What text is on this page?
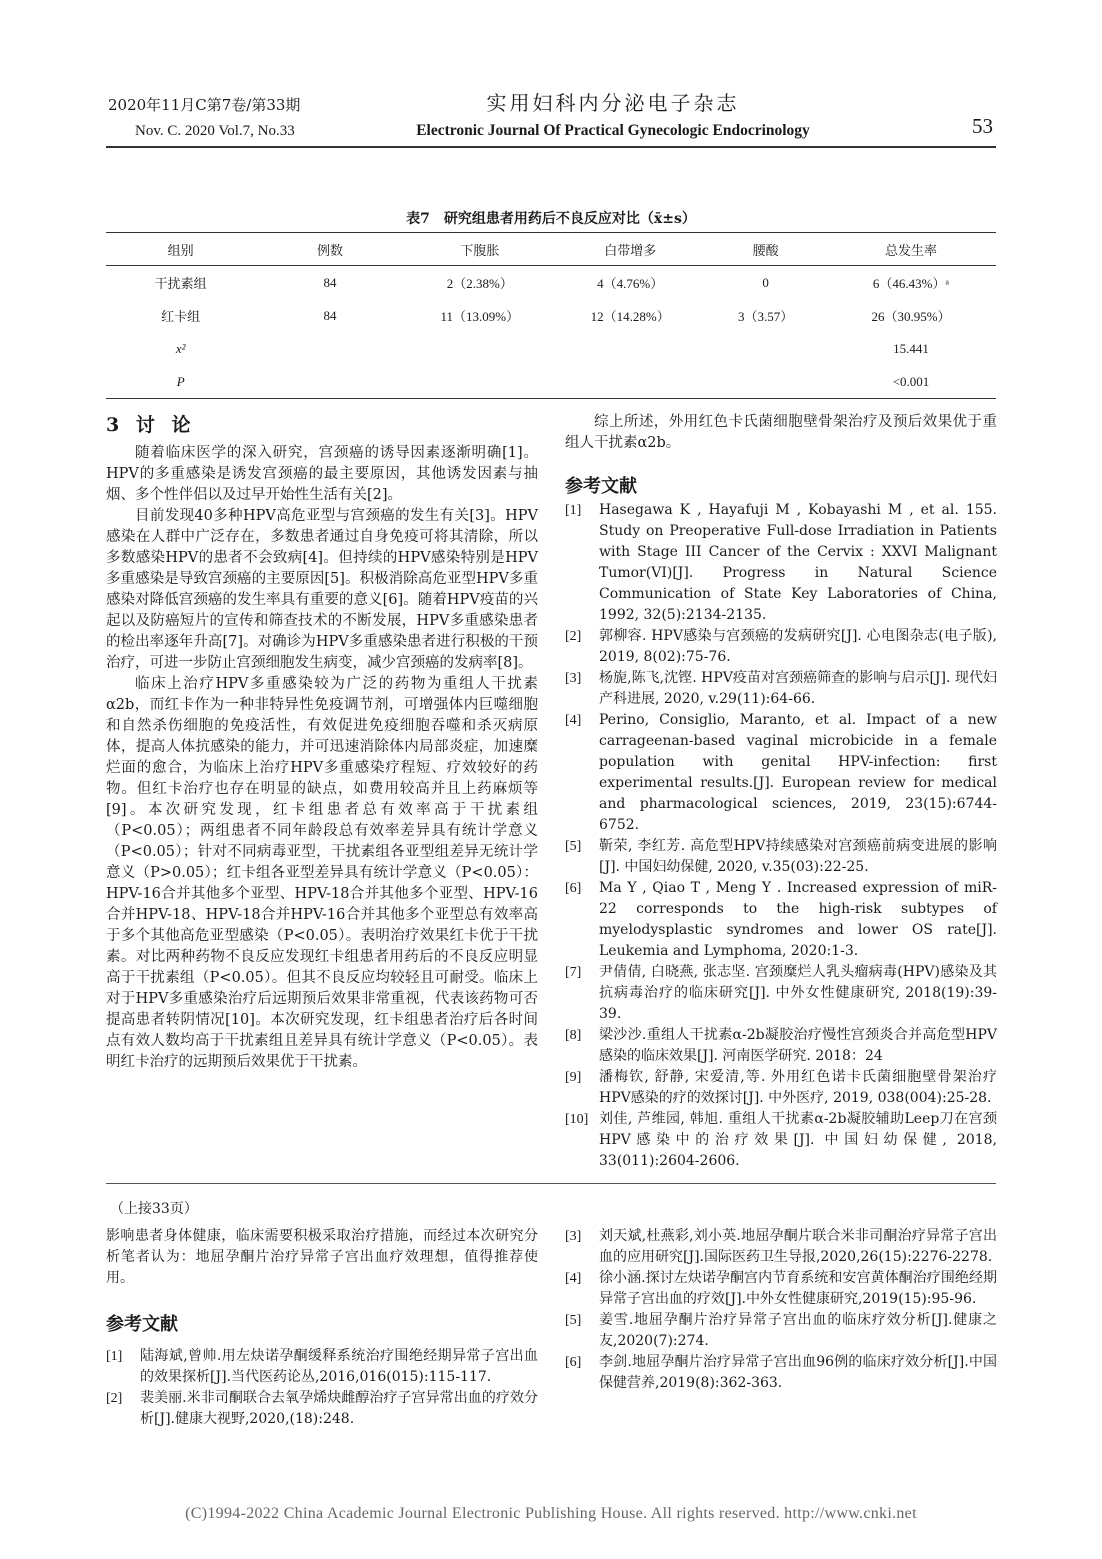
2020年11月C第7卷/第33期
Nov. C. 2020 Vol.7, No.33
实用妇科内分泌电子杂志
Electronic Journal Of Practical Gynecologic Endocrinology	53
表7　研究组患者用药后不良反应对比（x̄±s）
组别	例数	下腹胀	白带增多	腰酸	总发生率
干扰素组	84	2（2.38%）	4（4.76%）	0	6（46.43%）ᵃ
红卡组	84	11（13.09%）	12（14.28%）	3（3.57）	26（30.95%）
x²					15.441
P					<0.001
3 讨 论

随着临床医学的深入研究，宫颈癌的诱导因素逐渐明确[1]。HPV的多重感染是诱发宫颈癌的最主要原因，其他诱发因素与抽烟、多个性伴侣以及过早开始性生活有关[2]。

目前发现40多种HPV高危亚型与宫颈癌的发生有关[3]。HPV感染在人群中广泛存在，多数患者通过自身免疫可将其清除，所以多数感染HPV的患者不会致病[4]。但持续的HPV感染特别是HPV多重感染是导致宫颈癌的主要原因[5]。积极消除高危亚型HPV多重感染对降低宫颈癌的发生率具有重要的意义[6]。随着HPV疫苗的兴起以及防癌短片的宣传和筛查技术的不断发展，HPV多重感染患者的检出率逐年升高[7]。对确诊为HPV多重感染患者进行积极的干预治疗，可进一步防止宫颈细胞发生病变，减少宫颈癌的发病率[8]。

临床上治疗HPV多重感染较为广泛的药物为重组人干扰素α2b，而红卡作为一种非特异性免疫调节剂，可增强体内巨噬细胞和自然杀伤细胞的免疫活性，有效促进免疫细胞吞噬和杀灭病原体，提高人体抗感染的能力，并可迅速消除体内局部炎症，加速糜烂面的愈合，为临床上治疗HPV多重感染疗程短、疗效较好的药物。但红卡治疗也存在明显的缺点，如费用较高并且上药麻烦等[9]。本次研究发现，红卡组患者总有效率高于干扰素组（P<0.05）；两组患者不同年龄段总有效率差异具有统计学意义（P<0.05）；针对不同病毒亚型，干扰素组各亚型组差异无统计学意义（P>0.05）；红卡组各亚型差异具有统计学意义（P<0.05）：HPV-16合并其他多个亚型、HPV-18合并其他多个亚型、HPV-16合并HPV-18、HPV-18合并HPV-16合并其他多个亚型总有效率高于多个其他高危亚型感染（P<0.05）。表明治疗效果红卡优于干扰素。对比两种药物不良反应发现红卡组患者用药后的不良反应明显高于干扰素组（P<0.05）。但其不良反应均较轻且可耐受。临床上对于HPV多重感染治疗后远期预后效果非常重视，代表该药物可否提高患者转阴情况[10]。本次研究发现，红卡组患者治疗后各时间点有效人数均高于干扰素组且差异具有统计学意义（P<0.05）。表明红卡治疗的远期预后效果优于干扰素。

综上所述，外用红色卡氏菌细胞壁骨架治疗及预后效果优于重组人干扰素α2b。

参考文献
[1]	Hasegawa K , Hayafuji M , Kobayashi M , et al. 155. Study on Preoperative Full-dose Irradiation in Patients with Stage III Cancer of the Cervix : XXVI Malignant Tumor(VI)[J]. Progress in Natural Science Communication of State Key Laboratories of China, 1992, 32(5):2134-2135.
[2]	郭柳容. HPV感染与宫颈癌的发病研究[J]. 心电图杂志(电子版), 2019, 8(02):75-76.
[3]	杨旎,陈飞,沈铿. HPV疫苗对宫颈癌筛查的影响与启示[J]. 现代妇产科进展, 2020, v.29(11):64-66.
[4]	Perino, Consiglio, Maranto, et al. Impact of a new carrageenan-based vaginal microbicide in a female population with genital HPV-infection: first experimental results.[J]. European review for medical and pharmacological sciences, 2019, 23(15):6744-6752.
[5]	靳荣, 李红芳. 高危型HPV持续感染对宫颈癌前病变进展的影响[J]. 中国妇幼保健, 2020, v.35(03):22-25.
[6]	Ma Y , Qiao T , Meng Y . Increased expression of miR-22 corresponds to the high-risk subtypes of myelodysplastic syndromes and lower OS rate[J]. Leukemia and Lymphoma, 2020:1-3.
[7]	尹倩倩, 白晓燕, 张志坚. 宫颈糜烂人乳头瘤病毒(HPV)感染及其抗病毒治疗的临床研究[J]. 中外女性健康研究, 2018(19):39-39.
[8]	梁沙沙.重组人干扰素α-2b凝胶治疗慢性宫颈炎合并高危型HPV感染的临床效果[J]. 河南医学研究. 2018：24
[9]	潘梅钦, 舒静, 宋爱清,等. 外用红色诺卡氏菌细胞壁骨架治疗HPV感染的疗的效探讨[J]. 中外医疗, 2019, 038(004):25-28.
[10] 刘佳, 芦维园, 韩旭. 重组人干扰素α-2b凝胶辅助Leep刀在宫颈HPV感染中的治疗效果[J]. 中国妇幼保健, 2018, 33(011):2604-2606.
（上接33页）

影响患者身体健康，临床需要积极采取治疗措施，而经过本次研究分析笔者认为：地屈孕酮片治疗异常子宫出血疗效理想，值得推荐使用。

参考文献
[1]	陆海斌,曾帅.用左炔诺孕酮缓释系统治疗围绝经期异常子宫出血的效果探析[J].当代医药论丛,2016,016(015):115-117.
[2]	裴美丽.米非司酮联合去氧孕烯炔雌醇治疗子宫异常出血的疗效分析[J].健康大视野,2020,(18):248.
[3]	刘天斌,杜燕彩,刘小英.地屈孕酮片联合米非司酮治疗异常子宫出血的应用研究[J].国际医药卫生导报,2020,26(15):2276-2278.
[4]	徐小涵.探讨左炔诺孕酮宫内节育系统和安宫黄体酮治疗围绝经期异常子宫出血的疗效[J].中外女性健康研究,2019(15):95-96.
[5]	姜雪.地屈孕酮片治疗异常子宫出血的临床疗效分析[J].健康之友,2020(7):274.
[6]	李剑.地屈孕酮片治疗异常子宫出血96例的临床疗效分析[J].中国保健营养,2019(8):362-363.
(C)1994-2022 China Academic Journal Electronic Publishing House. All rights reserved. http://www.cnki.net
